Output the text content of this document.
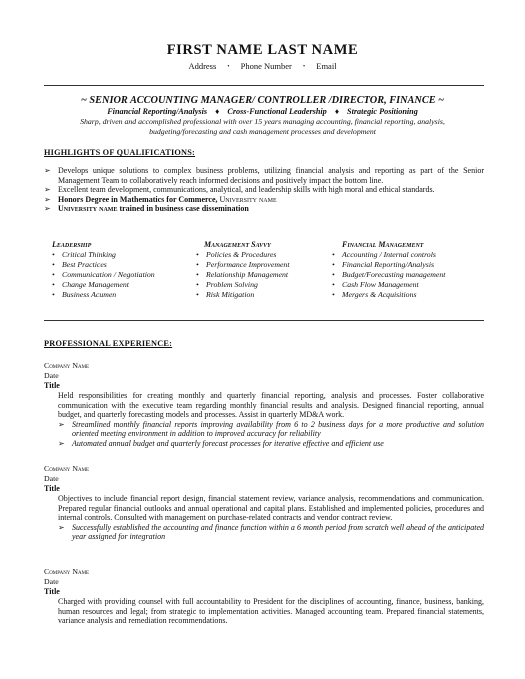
FIRST NAME LAST NAME
Address • Phone Number • Email
~ SENIOR ACCOUNTING MANAGER/ CONTROLLER /DIRECTOR, FINANCE ~
Financial Reporting/Analysis ♦ Cross-Functional Leadership ♦ Strategic Positioning
Sharp, driven and accomplished professional with over 15 years managing accounting, financial reporting, analysis, budgeting/forecasting and cash management processes and development
HIGHLIGHTS OF QUALIFICATIONS:
➢ Develops unique solutions to complex business problems, utilizing financial analysis and reporting as part of the Senior Management Team to collaboratively reach informed decisions and positively impact the bottom line.
➢ Excellent team development, communications, analytical, and leadership skills with high moral and ethical standards.
➢ Honors Degree in Mathematics for Commerce, University name
➢ University name trained in business case dissemination
Leadership
• Critical Thinking
• Best Practices
• Communication / Negotiation
• Change Management
• Business Acumen
Management Savvy
• Policies & Procedures
• Performance Improvement
• Relationship Management
• Problem Solving
• Risk Mitigation
Financial Management
• Accounting / Internal controls
• Financial Reporting/Analysis
• Budget/Forecasting management
• Cash Flow Management
• Mergers & Acquisitions
PROFESSIONAL EXPERIENCE:
Company Name
Date
Title
Held responsibilities for creating monthly and quarterly financial reporting, analysis and processes. Foster collaborative communication with the executive team regarding monthly financial results and analysis. Designed financial reporting, annual budget, and quarterly forecasting models and processes. Assist in quarterly MD&A work.
➢ Streamlined monthly financial reports improving availability from 6 to 2 business days for a more productive and solution oriented meeting environment in addition to improved accuracy for reliability
➢ Automated annual budget and quarterly forecast processes for iterative effective and efficient use
Company Name
Date
Title
Objectives to include financial report design, financial statement review, variance analysis, recommendations and communication. Prepared regular financial outlooks and annual operational and capital plans. Established and implemented policies, procedures and internal controls. Consulted with management on purchase-related contracts and vendor contract review.
➢ Successfully established the accounting and finance function within a 6 month period from scratch well ahead of the anticipated year assigned for integration
Company Name
Date
Title
Charged with providing counsel with full accountability to President for the disciplines of accounting, finance, business, banking, human resources and legal; from strategic to implementation activities. Managed accounting team. Prepared financial statements, variance analysis and remediation recommendations.
